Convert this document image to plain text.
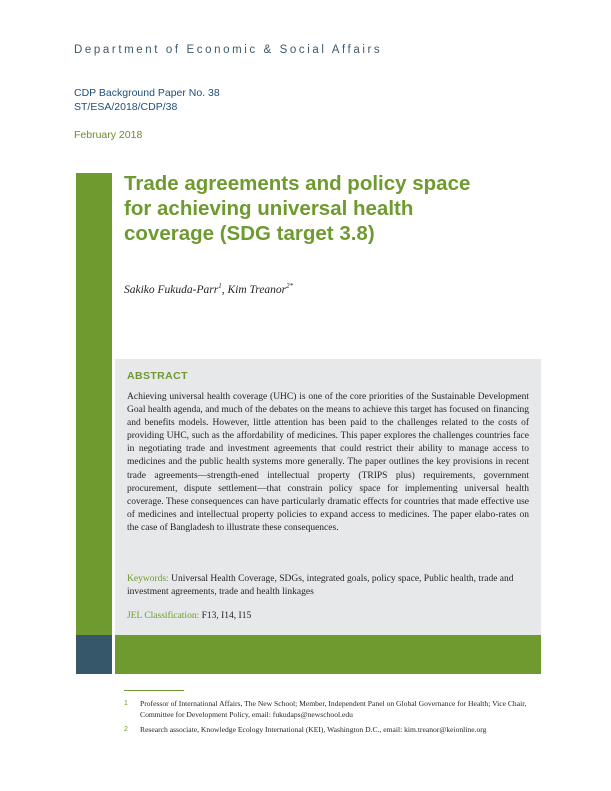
Department of Economic & Social Affairs
CDP Background Paper No. 38
ST/ESA/2018/CDP/38
February 2018
Trade agreements and policy space
for achieving universal health
coverage (SDG target 3.8)
Sakiko Fukuda-Parr$^1$, Kim Treanor$^{2*}$
ABSTRACT
Achieving universal health coverage (UHC) is one of the core priorities of the Sustainable Development Goal health agenda, and much of the debates on the means to achieve this target has focused on financing and benefits models. However, little attention has been paid to the challenges related to the costs of providing UHC, such as the affordability of medicines. This paper explores the challenges countries face in negotiating trade and investment agreements that could restrict their ability to manage access to medicines and the public health systems more generally. The paper outlines the key provisions in recent trade agreements—strength-ened intellectual property (TRIPS plus) requirements, government procurement, dispute settlement—that constrain policy space for implementing universal health coverage. These consequences can have particularly dramatic effects for countries that made effective use of medicines and intellectual property policies to expand access to medicines. The paper elabo-rates on the case of Bangladesh to illustrate these consequences.
Keywords: Universal Health Coverage, SDGs, integrated goals, policy space, Public health, trade and investment agreements, trade and health linkages
JEL Classification: F13, I14, I15
1 Professor of International Affairs, The New School; Member, Independent Panel on Global Governance for Health; Vice Chair, Committee for Development Policy, email: fukudaps@newschool.edu
2 Research associate, Knowledge Ecology International (KEI), Washington D.C., email: kim.treanor@keionline.org
